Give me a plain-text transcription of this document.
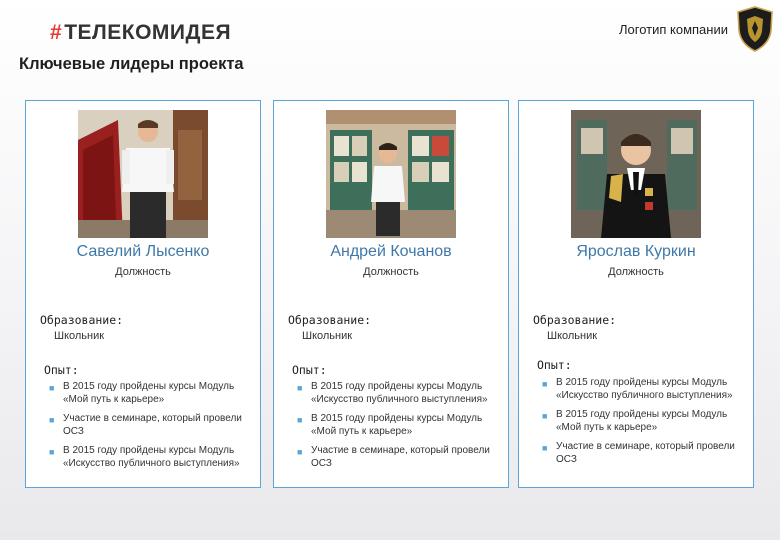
#ТЕЛЕКОМИДЕЯ	Логотип компании
Ключевые лидеры проекта
Савелий Лысенко
Должность
Образование:
Школьник
Опыт:
■ В 2015 году пройдены курсы Модуль «Мой путь к карьере»
■ Участие в семинаре, который провели ОСЗ
■ В 2015 году пройдены курсы Модуль «Искусство публичного выступления»
Андрей Кочанов
Должность
Образование:
Школьник
Опыт:
■ В 2015 году пройдены курсы Модуль «Искусство публичного выступления»
■ В 2015 году пройдены курсы Модуль «Мой путь к карьере»
■ Участие в семинаре, который провели ОСЗ
Ярослав Куркин
Должность
Образование:
Школьник
Опыт:
■ В 2015 году пройдены курсы Модуль «Искусство публичного выступления»
■ В 2015 году пройдены курсы Модуль «Мой путь к карьере»
■ Участие в семинаре, который провели ОСЗ
